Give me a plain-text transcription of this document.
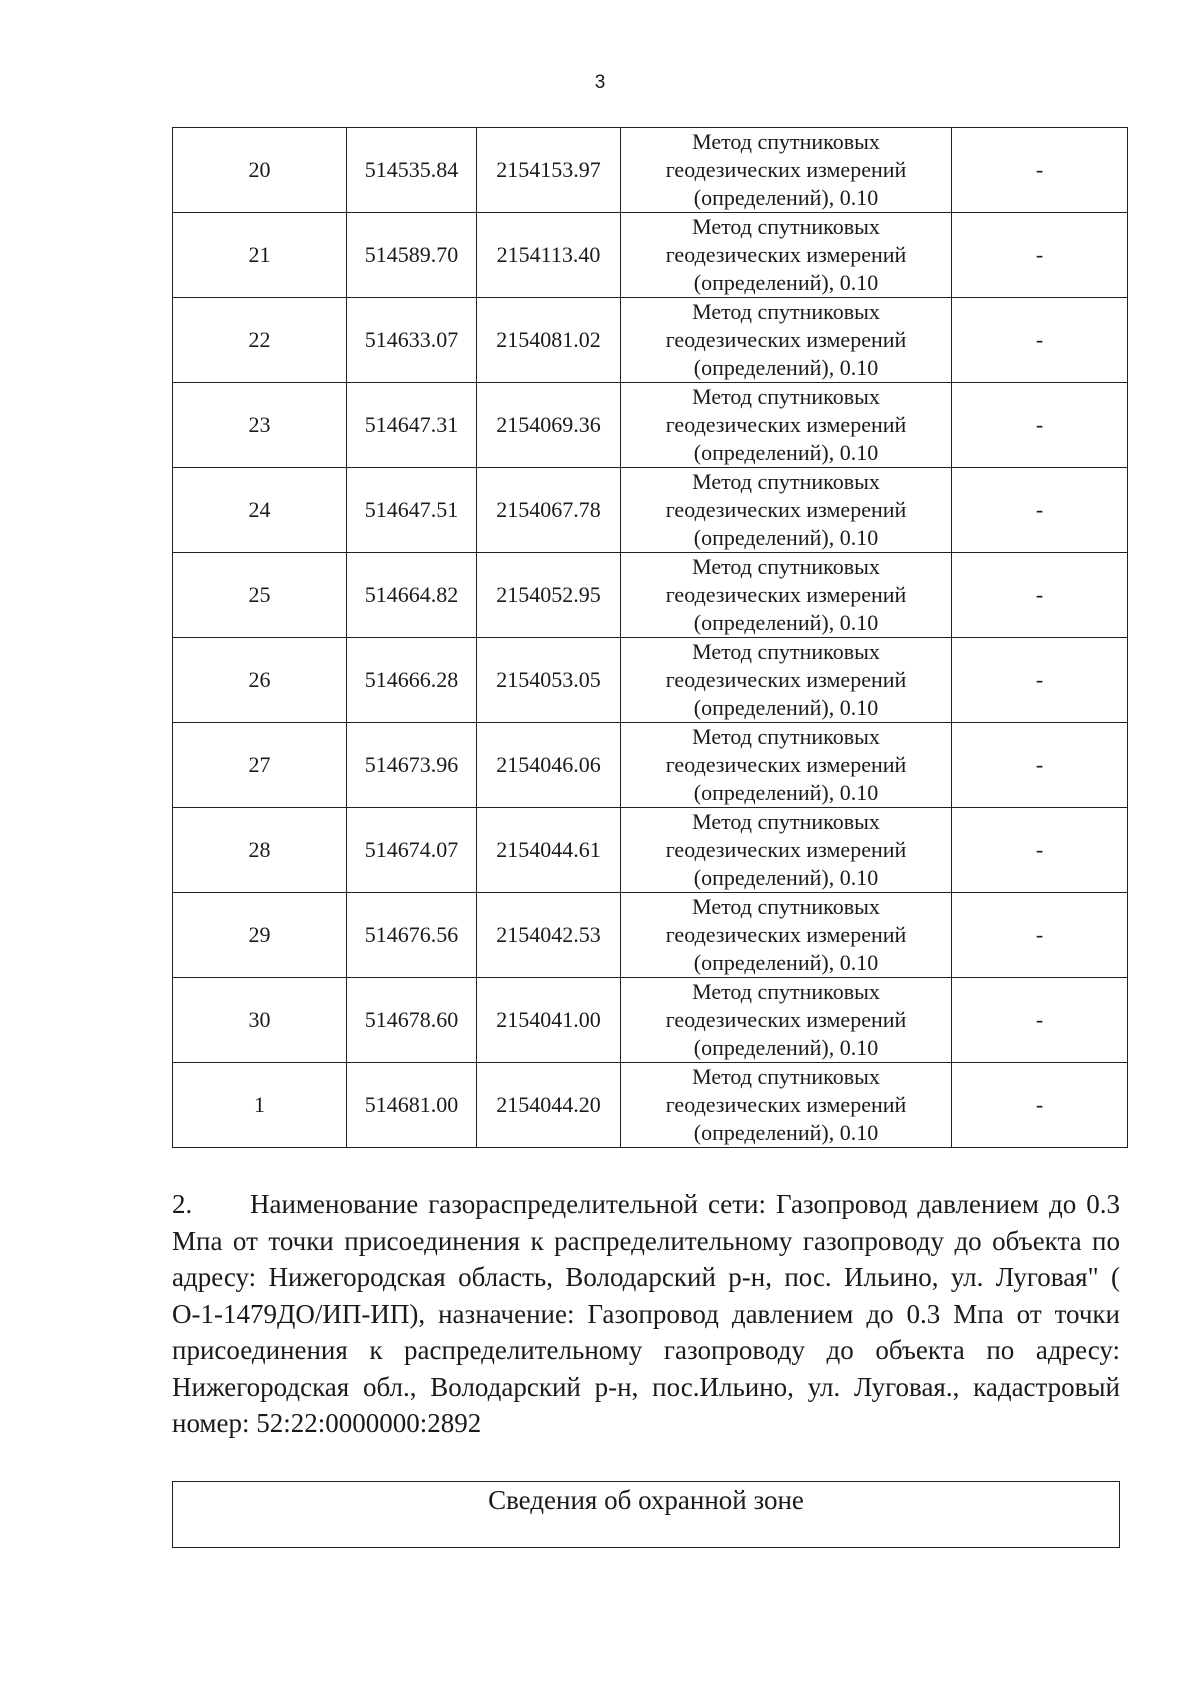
3
20	514535.84	2154153.97	Метод спутниковых
геодезических измерений
(определений), 0.10	-
21	514589.70	2154113.40	Метод спутниковых
геодезических измерений
(определений), 0.10	-
22	514633.07	2154081.02	Метод спутниковых
геодезических измерений
(определений), 0.10	-
23	514647.31	2154069.36	Метод спутниковых
геодезических измерений
(определений), 0.10	-
24	514647.51	2154067.78	Метод спутниковых
геодезических измерений
(определений), 0.10	-
25	514664.82	2154052.95	Метод спутниковых
геодезических измерений
(определений), 0.10	-
26	514666.28	2154053.05	Метод спутниковых
геодезических измерений
(определений), 0.10	-
27	514673.96	2154046.06	Метод спутниковых
геодезических измерений
(определений), 0.10	-
28	514674.07	2154044.61	Метод спутниковых
геодезических измерений
(определений), 0.10	-
29	514676.56	2154042.53	Метод спутниковых
геодезических измерений
(определений), 0.10	-
30	514678.60	2154041.00	Метод спутниковых
геодезических измерений
(определений), 0.10	-
1	514681.00	2154044.20	Метод спутниковых
геодезических измерений
(определений), 0.10	-
2. Наименование газораспределительной сети: Газопровод давлением до 0.3 Мпа от точки присоединения к распределительному газопроводу до объекта по адресу: Нижегородская область, Володарский р-н, пос. Ильино, ул. Луговая" ( О-1-1479ДО/ИП-ИП), назначение: Газопровод давлением до 0.3 Мпа от точки присоединения к распределительному газопроводу до объекта по адресу: Нижегородская обл., Володарский р-н, пос.Ильино, ул. Луговая., кадастровый номер: 52:22:0000000:2892
Сведения об охранной зоне
